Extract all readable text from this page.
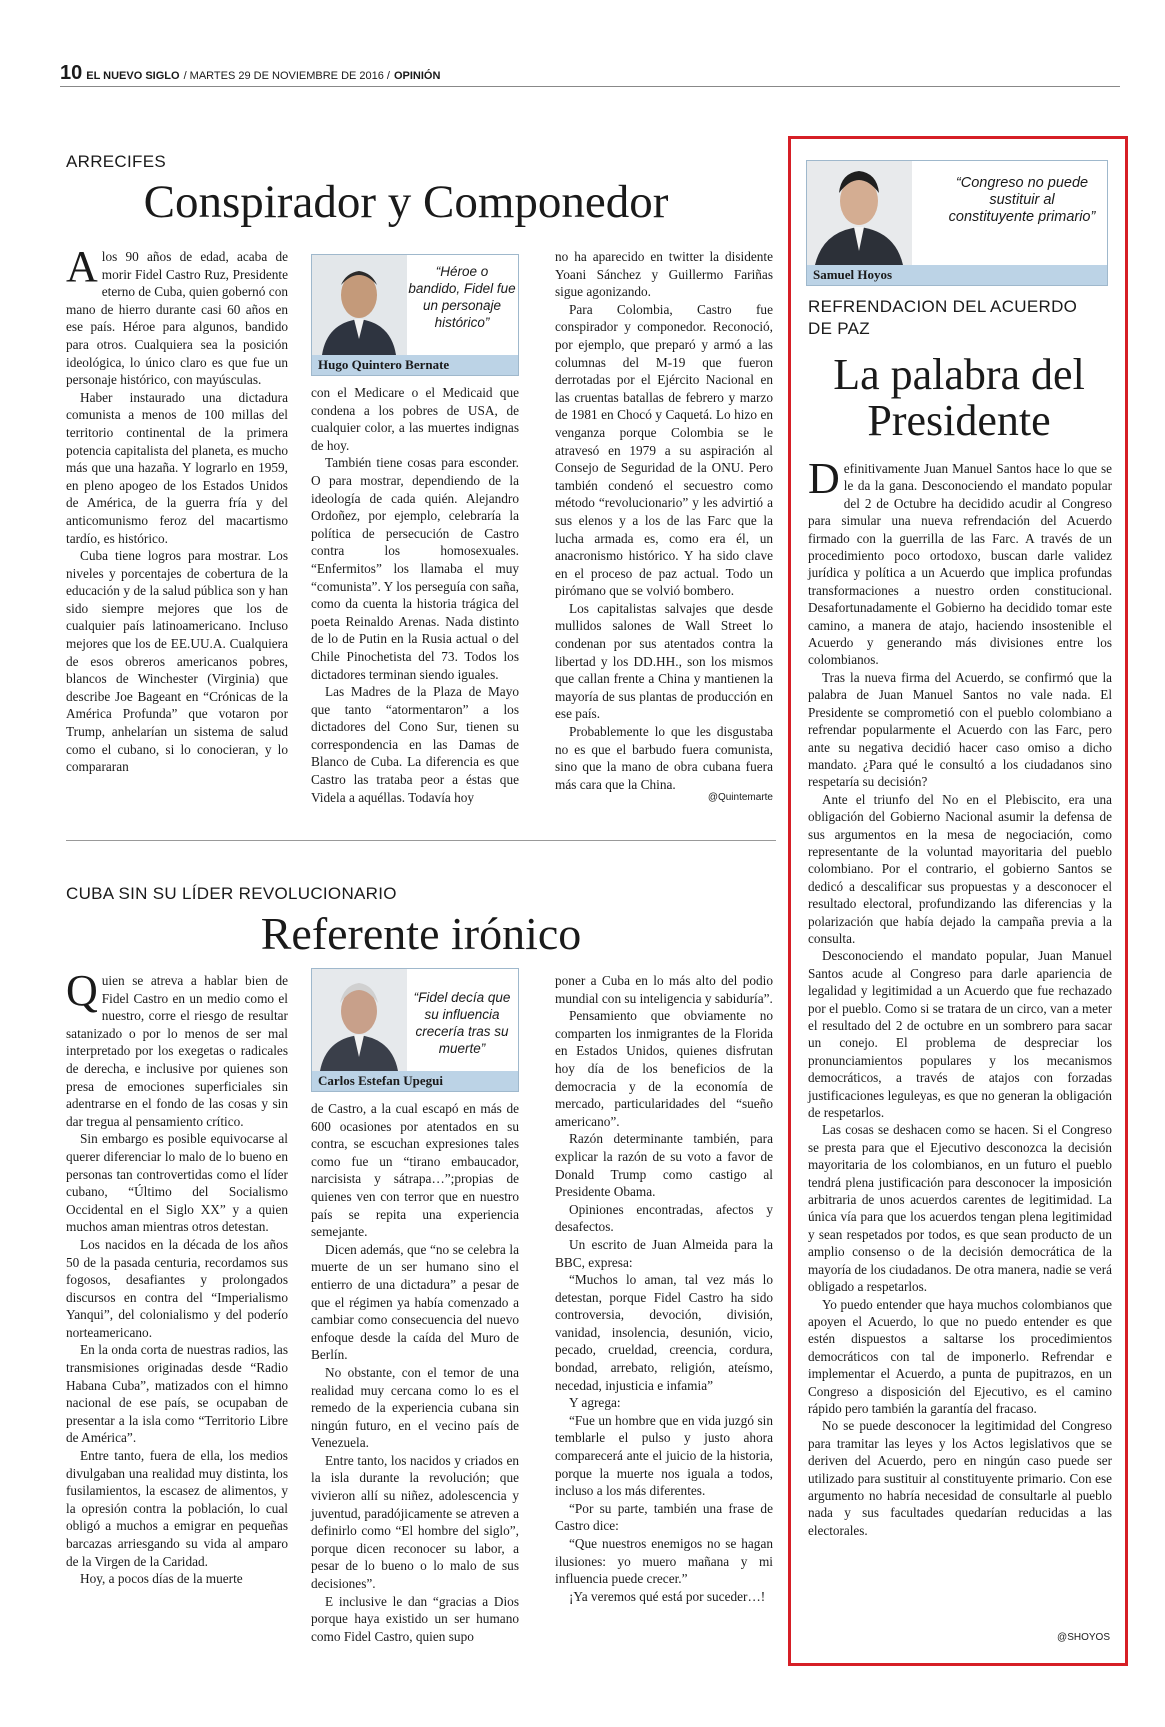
10 EL NUEVO SIGLO / MARTES 29 DE NOVIEMBRE DE 2016 / OPINIÓN
ARRECIFES
Conspirador y Componedor

Alos 90 años de edad, acaba de morir Fidel Castro Ruz, Presidente eterno de Cuba, quien gobernó con mano de hierro durante casi 60 años en ese país. Héroe para algunos, bandido para otros. Cualquiera sea la posición ideológica, lo único claro es que fue un personaje histórico, con mayúsculas.

Haber instaurado una dictadura comunista a menos de 100 millas del territorio continental de la primera potencia capitalista del planeta, es mucho más que una hazaña. Y lograrlo en 1959, en pleno apogeo de los Estados Unidos de América, de la guerra fría y del anticomunismo feroz del macartismo tardío, es histórico.

Cuba tiene logros para mostrar. Los niveles y porcentajes de cobertura de la educación y de la salud pública son y han sido siempre mejores que los de cualquier país latinoamericano. Incluso mejores que los de EE.UU.A. Cualquiera de esos obreros americanos pobres, blancos de Winchester (Virginia) que describe Joe Bageant en “Crónicas de la América Profunda” que votaron por Trump, anhelarían un sistema de salud como el cubano, si lo conocieran, y lo compararan

“Héroe o bandido, Fidel fue un personaje histórico”
Hugo Quintero Bernate

con el Medicare o el Medicaid que condena a los pobres de USA, de cualquier color, a las muertes indignas de hoy.

También tiene cosas para esconder. O para mostrar, dependiendo de la ideología de cada quién. Alejandro Ordoñez, por ejemplo, celebraría la política de persecución de Castro contra los homosexuales. “Enfermitos” los llamaba el muy “comunista”. Y los perseguía con saña, como da cuenta la historia trágica del poeta Reinaldo Arenas. Nada distinto de lo de Putin en la Rusia actual o del Chile Pinochetista del 73. Todos los dictadores terminan siendo iguales.

Las Madres de la Plaza de Mayo que tanto “atormentaron” a los dictadores del Cono Sur, tienen su correspondencia en las Damas de Blanco de Cuba. La diferencia es que Castro las trataba peor a éstas que Videla a aquéllas. Todavía hoy

no ha aparecido en twitter la disidente Yoani Sánchez y Guillermo Fariñas sigue agonizando.

Para Colombia, Castro fue conspirador y componedor. Reconoció, por ejemplo, que preparó y armó a las columnas del M-19 que fueron derrotadas por el Ejército Nacional en las cruentas batallas de febrero y marzo de 1981 en Chocó y Caquetá. Lo hizo en venganza porque Colombia se le atravesó en 1979 a su aspiración al Consejo de Seguridad de la ONU. Pero también condenó el secuestro como método “revolucionario” y les advirtió a sus elenos y a los de las Farc que la lucha armada es, como era él, un anacronismo histórico. Y ha sido clave en el proceso de paz actual. Todo un pirómano que se volvió bombero.

Los capitalistas salvajes que desde mullidos salones de Wall Street lo condenan por sus atentados contra la libertad y los DD.HH., son los mismos que callan frente a China y mantienen la mayoría de sus plantas de producción en ese país.

Probablemente lo que les disgustaba no es que el barbudo fuera comunista, sino que la mano de obra cubana fuera más cara que la China.

@Quintemarte
CUBA SIN SU LÍDER REVOLUCIONARIO
Referente irónico

Quien se atreva a hablar bien de Fidel Castro en un medio como el nuestro, corre el riesgo de resultar satanizado o por lo menos de ser mal interpretado por los exegetas o radicales de derecha, e inclusive por quienes son presa de emociones superficiales sin adentrarse en el fondo de las cosas y sin dar tregua al pensamiento crítico.

Sin embargo es posible equivocarse al querer diferenciar lo malo de lo bueno en personas tan controvertidas como el líder cubano, “Último del Socialismo Occidental en el Siglo XX” y a quien muchos aman mientras otros detestan.

Los nacidos en la década de los años 50 de la pasada centuria, recordamos sus fogosos, desafiantes y prolongados discursos en contra del “Imperialismo Yanqui”, del colonialismo y del poderío norteamericano.

En la onda corta de nuestras radios, las transmisiones originadas desde “Radio Habana Cuba”, matizados con el himno nacional de ese país, se ocupaban de presentar a la isla como “Territorio Libre de América”.

Entre tanto, fuera de ella, los medios divulgaban una realidad muy distinta, los fusilamientos, la escasez de alimentos, y la opresión contra la población, lo cual obligó a muchos a emigrar en pequeñas barcazas arriesgando su vida al amparo de la Virgen de la Caridad.

Hoy, a pocos días de la muerte

“Fidel decía que su influencia crecería tras su muerte”
Carlos Estefan Upegui

de Castro, a la cual escapó en más de 600 ocasiones por atentados en su contra, se escuchan expresiones tales como fue un “tirano embaucador, narcisista y sátrapa…”;propias de quienes ven con terror que en nuestro país se repita una experiencia semejante.

Dicen además, que “no se celebra la muerte de un ser humano sino el entierro de una dictadura” a pesar de que el régimen ya había comenzado a cambiar como consecuencia del nuevo enfoque desde la caída del Muro de Berlín.

No obstante, con el temor de una realidad muy cercana como lo es el remedo de la experiencia cubana sin ningún futuro, en el vecino país de Venezuela.

Entre tanto, los nacidos y criados en la isla durante la revolución; que vivieron allí su niñez, adolescencia y juventud, paradójicamente se atreven a definirlo como “El hombre del siglo”, porque dicen reconocer su labor, a pesar de lo bueno o lo malo de sus decisiones”.

E inclusive le dan “gracias a Dios porque haya existido un ser humano como Fidel Castro, quien supo

poner a Cuba en lo más alto del podio mundial con su inteligencia y sabiduría”.

Pensamiento que obviamente no comparten los inmigrantes de la Florida en Estados Unidos, quienes disfrutan hoy día de los beneficios de la democracia y de la economía de mercado, particularidades del “sueño americano”.

Razón determinante también, para explicar la razón de su voto a favor de Donald Trump como castigo al Presidente Obama.

Opiniones encontradas, afectos y desafectos.

Un escrito de Juan Almeida para la BBC, expresa:

“Muchos lo aman, tal vez más lo detestan, porque Fidel Castro ha sido controversia, devoción, división, vanidad, insolencia, desunión, vicio, pecado, crueldad, creencia, cordura, bondad, arrebato, religión, ateísmo, necedad, injusticia e infamia”

Y agrega:

“Fue un hombre que en vida juzgó sin temblarle el pulso y justo ahora comparecerá ante el juicio de la historia, porque la muerte nos iguala a todos, incluso a los más diferentes.

“Por su parte, también una frase de Castro dice:

“Que nuestros enemigos no se hagan ilusiones: yo muero mañana y mi influencia puede crecer.”

¡Ya veremos qué está por suceder…!

“Congreso no puede sustituir al constituyente primario”
Samuel Hoyos
REFRENDACION DEL ACUERDO DE PAZ
La palabra del Presidente

Definitivamente Juan Manuel Santos hace lo que se le da la gana. Desconociendo el mandato popular del 2 de Octubre ha decidido acudir al Congreso para simular una nueva refrendación del Acuerdo firmado con la guerrilla de las Farc. A través de un procedimiento poco ortodoxo, buscan darle validez jurídica y política a un Acuerdo que implica profundas transformaciones a nuestro orden constitucional. Desafortunadamente el Gobierno ha decidido tomar este camino, a manera de atajo, haciendo insostenible el Acuerdo y generando más divisiones entre los colombianos.

Tras la nueva firma del Acuerdo, se confirmó que la palabra de Juan Manuel Santos no vale nada. El Presidente se comprometió con el pueblo colombiano a refrendar popularmente el Acuerdo con las Farc, pero ante su negativa decidió hacer caso omiso a dicho mandato. ¿Para qué le consultó a los ciudadanos sino respetaría su decisión?

Ante el triunfo del No en el Plebiscito, era una obligación del Gobierno Nacional asumir la defensa de sus argumentos en la mesa de negociación, como representante de la voluntad mayoritaria del pueblo colombiano. Por el contrario, el gobierno Santos se dedicó a descalificar sus propuestas y a desconocer el resultado electoral, profundizando las diferencias y la polarización que había dejado la campaña previa a la consulta.

Desconociendo el mandato popular, Juan Manuel Santos acude al Congreso para darle apariencia de legalidad y legitimidad a un Acuerdo que fue rechazado por el pueblo. Como si se tratara de un circo, van a meter el resultado del 2 de octubre en un sombrero para sacar un conejo. El problema de despreciar los pronunciamientos populares y los mecanismos democráticos, a través de atajos con forzadas justificaciones leguleyas, es que no generan la obligación de respetarlos.

Las cosas se deshacen como se hacen. Si el Congreso se presta para que el Ejecutivo desconozca la decisión mayoritaria de los colombianos, en un futuro el pueblo tendrá plena justificación para desconocer la imposición arbitraria de unos acuerdos carentes de legitimidad. La única vía para que los acuerdos tengan plena legitimidad y sean respetados por todos, es que sean producto de un amplio consenso o de la decisión democrática de la mayoría de los ciudadanos. De otra manera, nadie se verá obligado a respetarlos.

Yo puedo entender que haya muchos colombianos que apoyen el Acuerdo, lo que no puedo entender es que estén dispuestos a saltarse los procedimientos democráticos con tal de imponerlo. Refrendar e implementar el Acuerdo, a punta de pupitrazos, en un Congreso a disposición del Ejecutivo, es el camino rápido pero también la garantía del fracaso.

No se puede desconocer la legitimidad del Congreso para tramitar las leyes y los Actos legislativos que se deriven del Acuerdo, pero en ningún caso puede ser utilizado para sustituir al constituyente primario. Con ese argumento no habría necesidad de consultarle al pueblo nada y sus facultades quedarían reducidas a las electorales.

@SHOYOS
